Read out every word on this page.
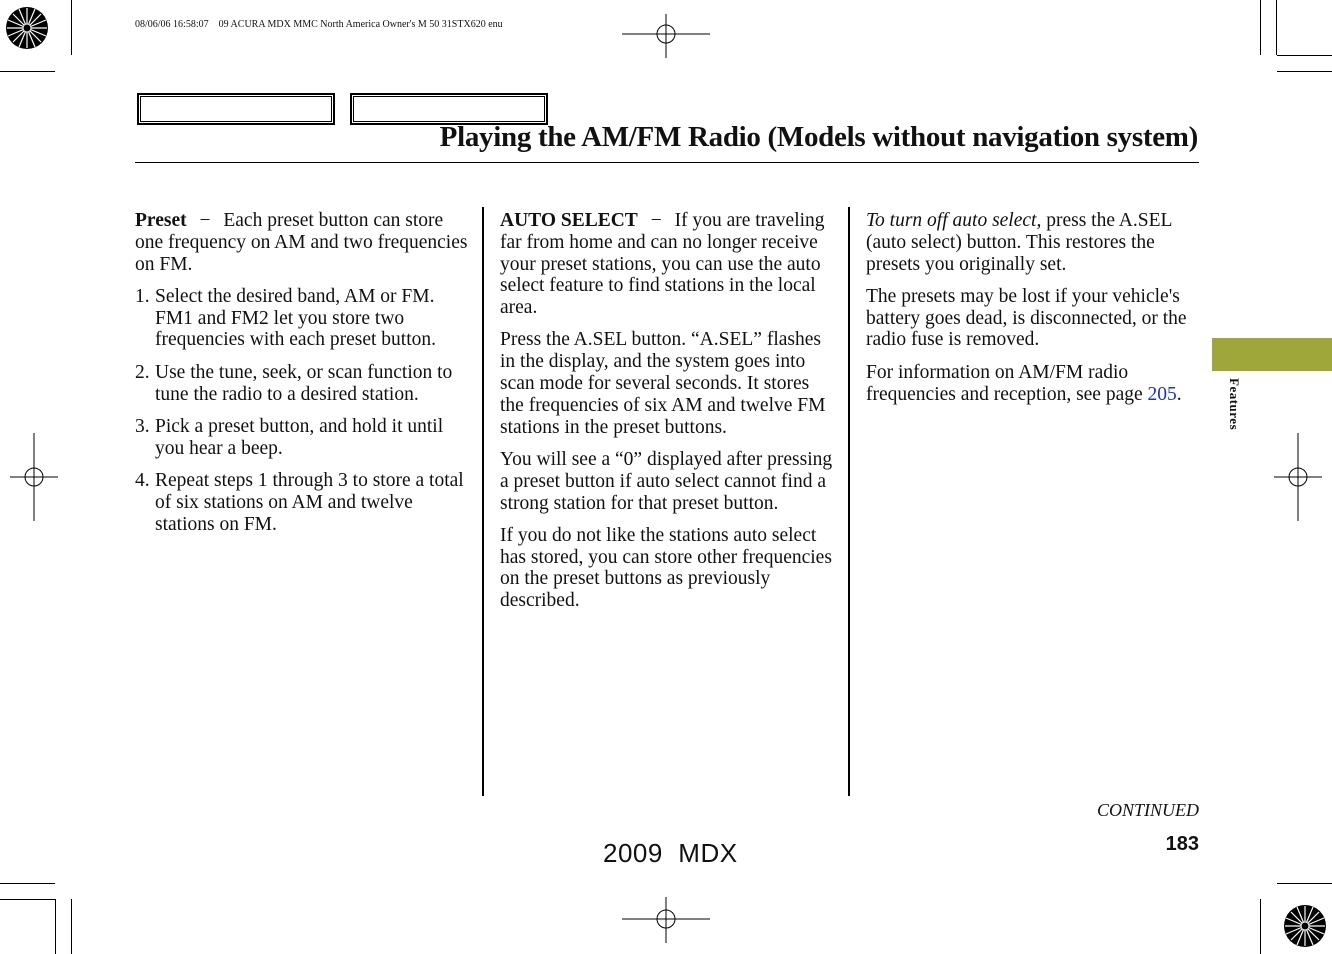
08/06/06 16:58:07    09 ACURA MDX MMC North America Owner's M 50 31STX620 enu
Playing the AM/FM Radio (Models without navigation system)

Preset − Each preset button can store one frequency on AM and two frequencies on FM.

1. Select the desired band, AM or FM. FM1 and FM2 let you store two frequencies with each preset button.
2. Use the tune, seek, or scan function to tune the radio to a desired station.
3. Pick a preset button, and hold it until you hear a beep.
4. Repeat steps 1 through 3 to store a total of six stations on AM and twelve stations on FM.

AUTO SELECT − If you are traveling far from home and can no longer receive your preset stations, you can use the auto select feature to find stations in the local area.

Press the A.SEL button. “A.SEL” flashes in the display, and the system goes into scan mode for several seconds. It stores the frequencies of six AM and twelve FM stations in the preset buttons.

You will see a “0” displayed after pressing a preset button if auto select cannot find a strong station for that preset button.

If you do not like the stations auto select has stored, you can store other frequencies on the preset buttons as previously described.

To turn off auto select, press the A.SEL (auto select) button. This restores the presets you originally set.

The presets may be lost if your vehicle's battery goes dead, is disconnected, or the radio fuse is removed.

For information on AM/FM radio frequencies and reception, see page 205.	Features
CONTINUED
183
2009  MDX
